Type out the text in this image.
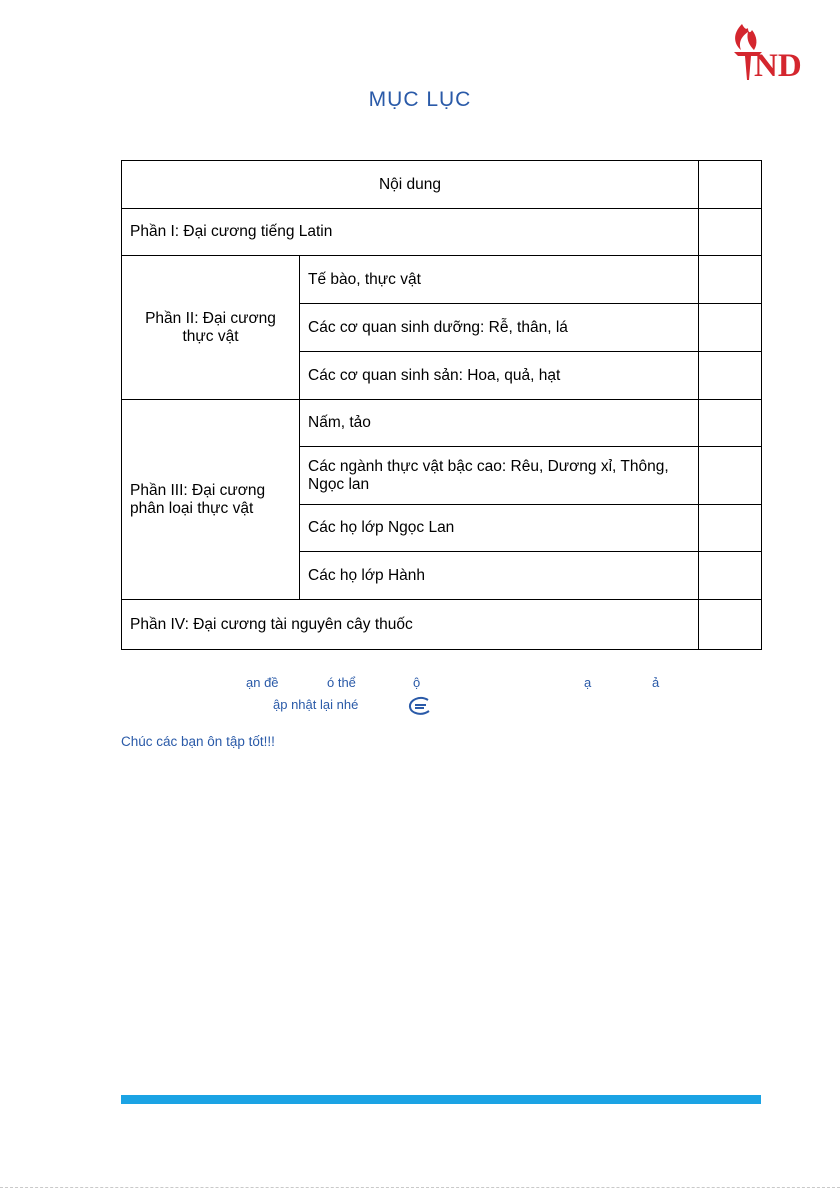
ND
MỤC LỤC
Nội dung		
Phần I: Đại cương tiếng Latin		
Phần II: Đại cương thực vật	Tế bào, thực vật	
	Các cơ quan sinh dưỡng: Rễ, thân, lá	
	Các cơ quan sinh sản: Hoa, quả, hạt	
Phần III: Đại cương phân loại thực vật	Nấm, tảo	
	Các ngành thực vật bậc cao: Rêu, Dương xỉ, Thông, Ngọc lan	
	Các họ lớp Ngọc Lan	
	Các họ lớp Hành	
Phần IV: Đại cương tài nguyên cây thuốc		
ạn đề	ó thể	ộ	ạ	ả
ập nhật lại nhé
Chúc các bạn ôn tập tốt!!!
